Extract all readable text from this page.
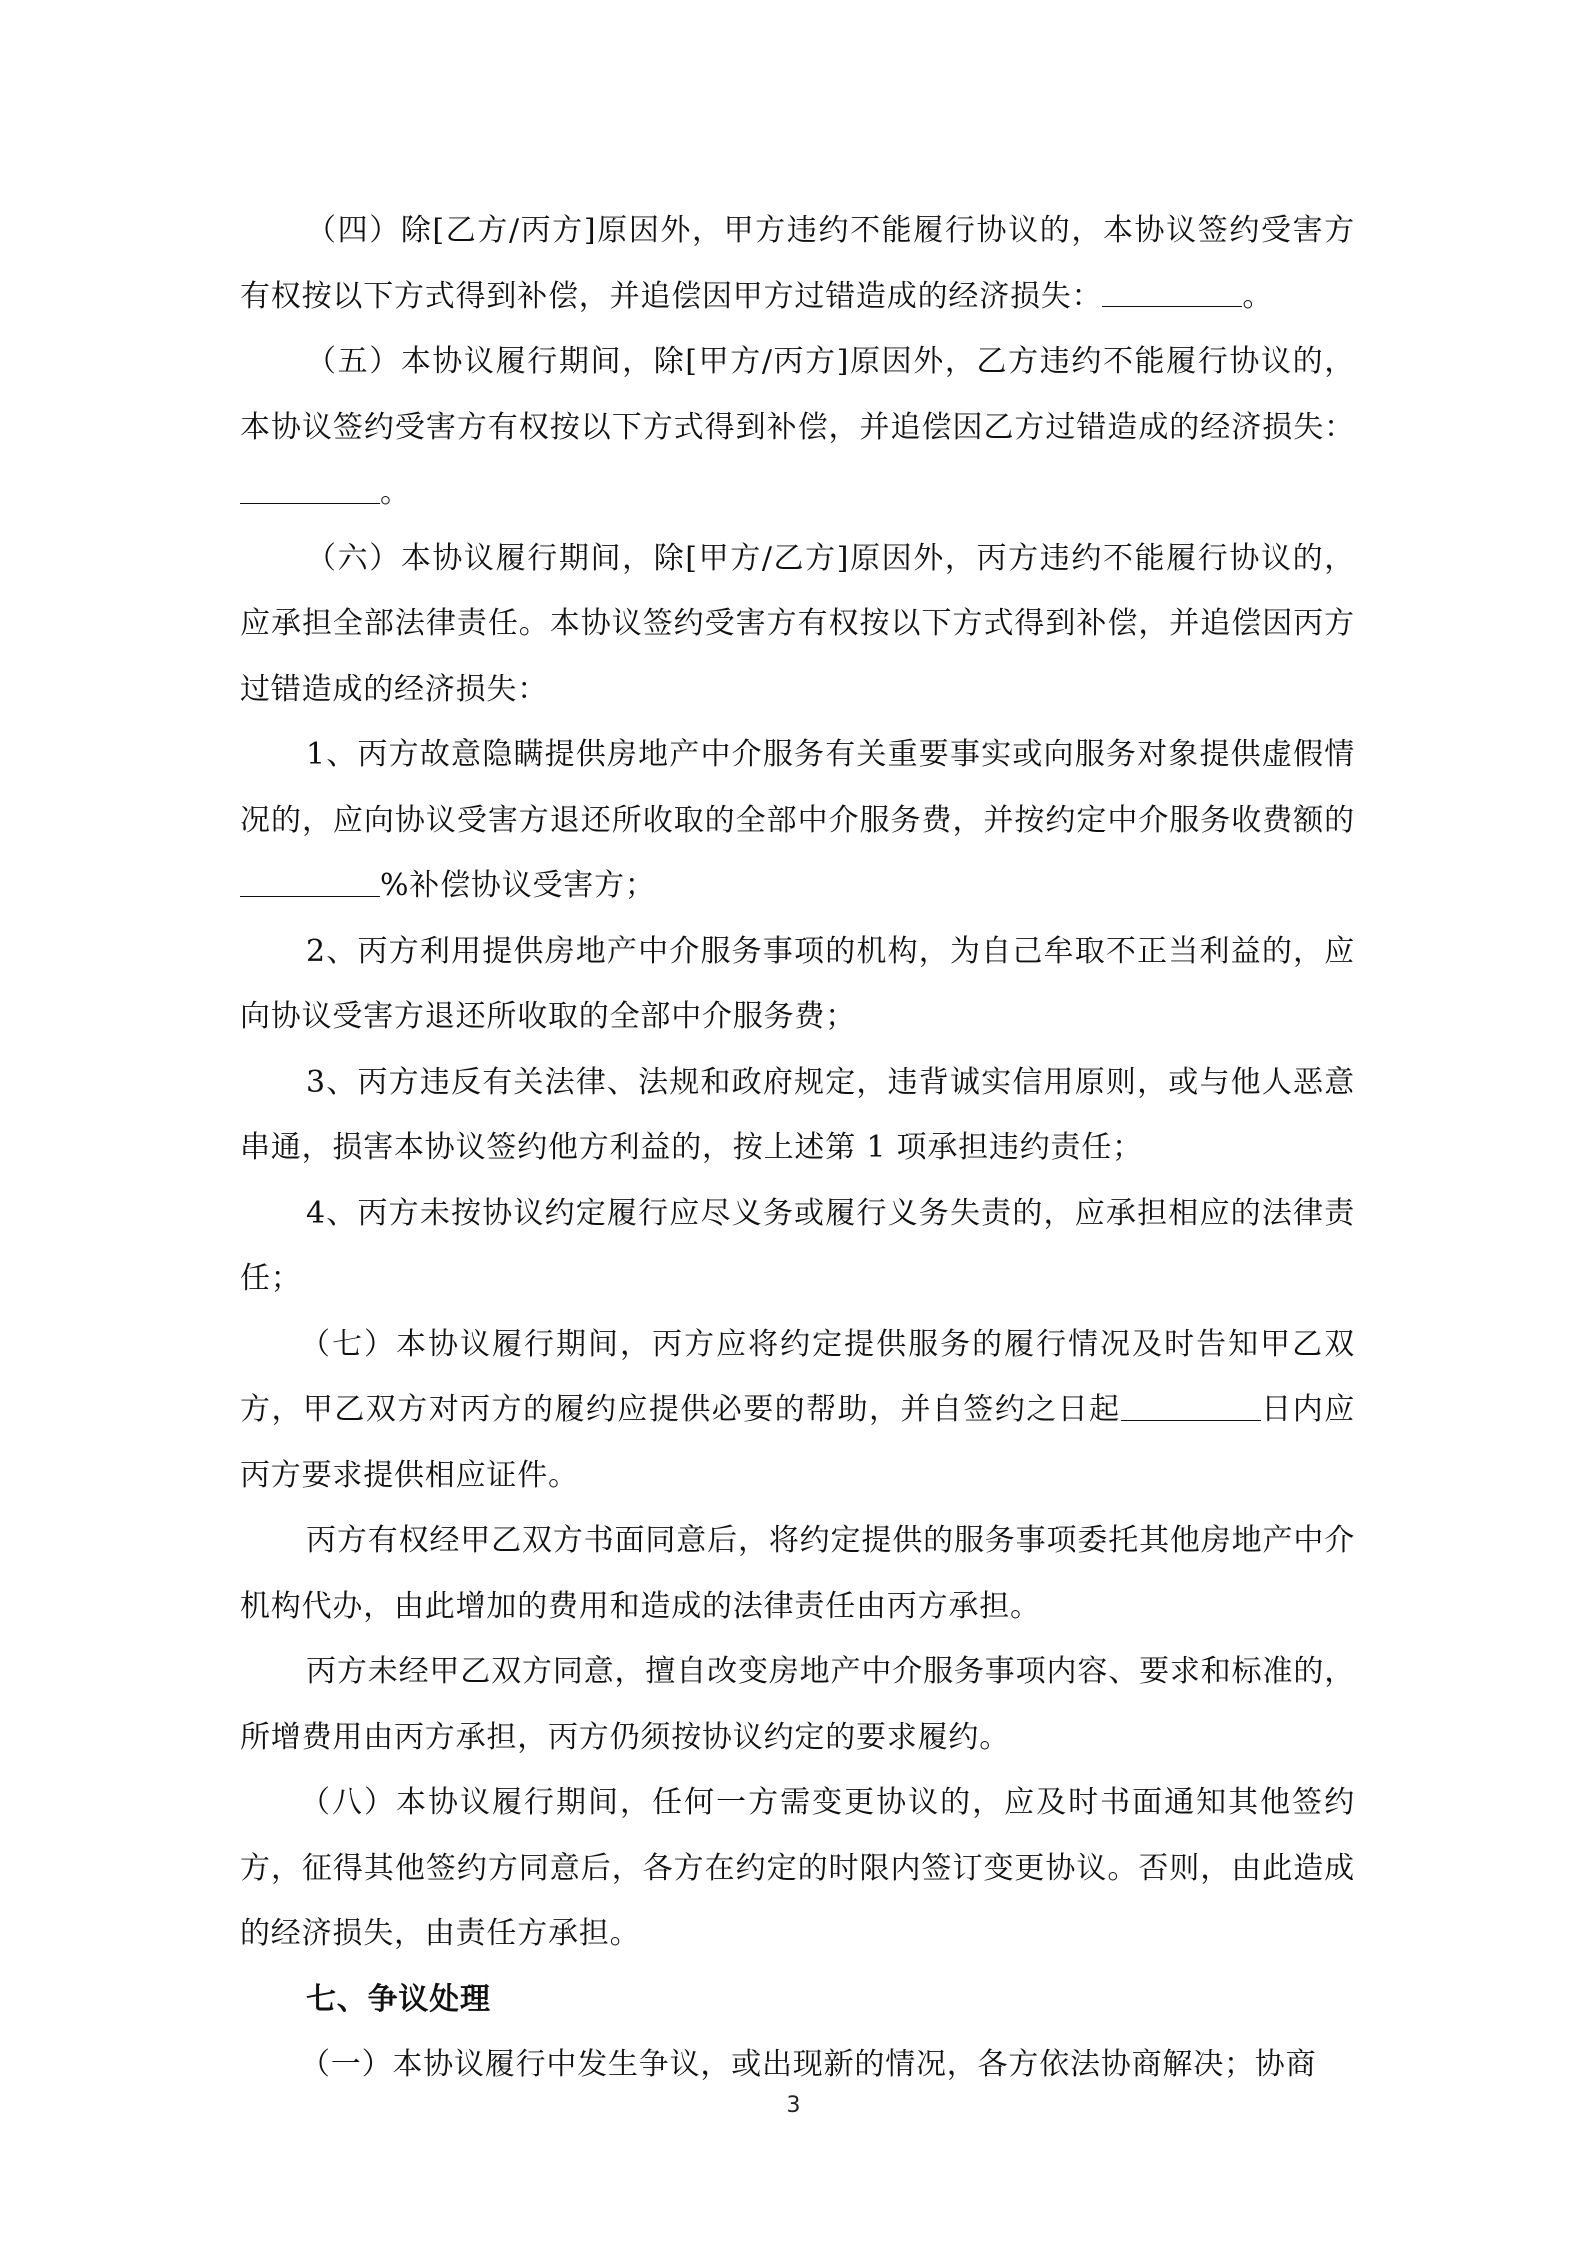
（四）除[乙方/丙方]原因外，甲方违约不能履行协议的，本协议签约受害方有权按以下方式得到补偿，并追偿因甲方过错造成的经济损失：	。

（五）本协议履行期间，除[甲方/丙方]原因外，乙方违约不能履行协议的，本协议签约受害方有权按以下方式得到补偿，并追偿因乙方过错造成的经济损失：。

（六）本协议履行期间，除[甲方/乙方]原因外，丙方违约不能履行协议的，应承担全部法律责任。本协议签约受害方有权按以下方式得到补偿，并追偿因丙方过错造成的经济损失：

1、丙方故意隐瞒提供房地产中介服务有关重要事实或向服务对象提供虚假情况的，应向协议受害方退还所收取的全部中介服务费，并按约定中介服务收费额的%补偿协议受害方；

2、丙方利用提供房地产中介服务事项的机构，为自己牟取不正当利益的，应向协议受害方退还所收取的全部中介服务费；

3、丙方违反有关法律、法规和政府规定，违背诚实信用原则，或与他人恶意串通，损害本协议签约他方利益的，按上述第 1 项承担违约责任；

4、丙方未按协议约定履行应尽义务或履行义务失责的，应承担相应的法律责任；

（七）本协议履行期间，丙方应将约定提供服务的履行情况及时告知甲乙双方，甲乙双方对丙方的履约应提供必要的帮助，并自签约之日起	日内应丙方要求提供相应证件。

丙方有权经甲乙双方书面同意后，将约定提供的服务事项委托其他房地产中介机构代办，由此增加的费用和造成的法律责任由丙方承担。

丙方未经甲乙双方同意，擅自改变房地产中介服务事项内容、要求和标准的，所增费用由丙方承担，丙方仍须按协议约定的要求履约。

（八）本协议履行期间，任何一方需变更协议的，应及时书面通知其他签约方，征得其他签约方同意后，各方在约定的时限内签订变更协议。否则，由此造成的经济损失，由责任方承担。

七、争议处理

（一）本协议履行中发生争议，或出现新的情况，各方依法协商解决；协商

3
